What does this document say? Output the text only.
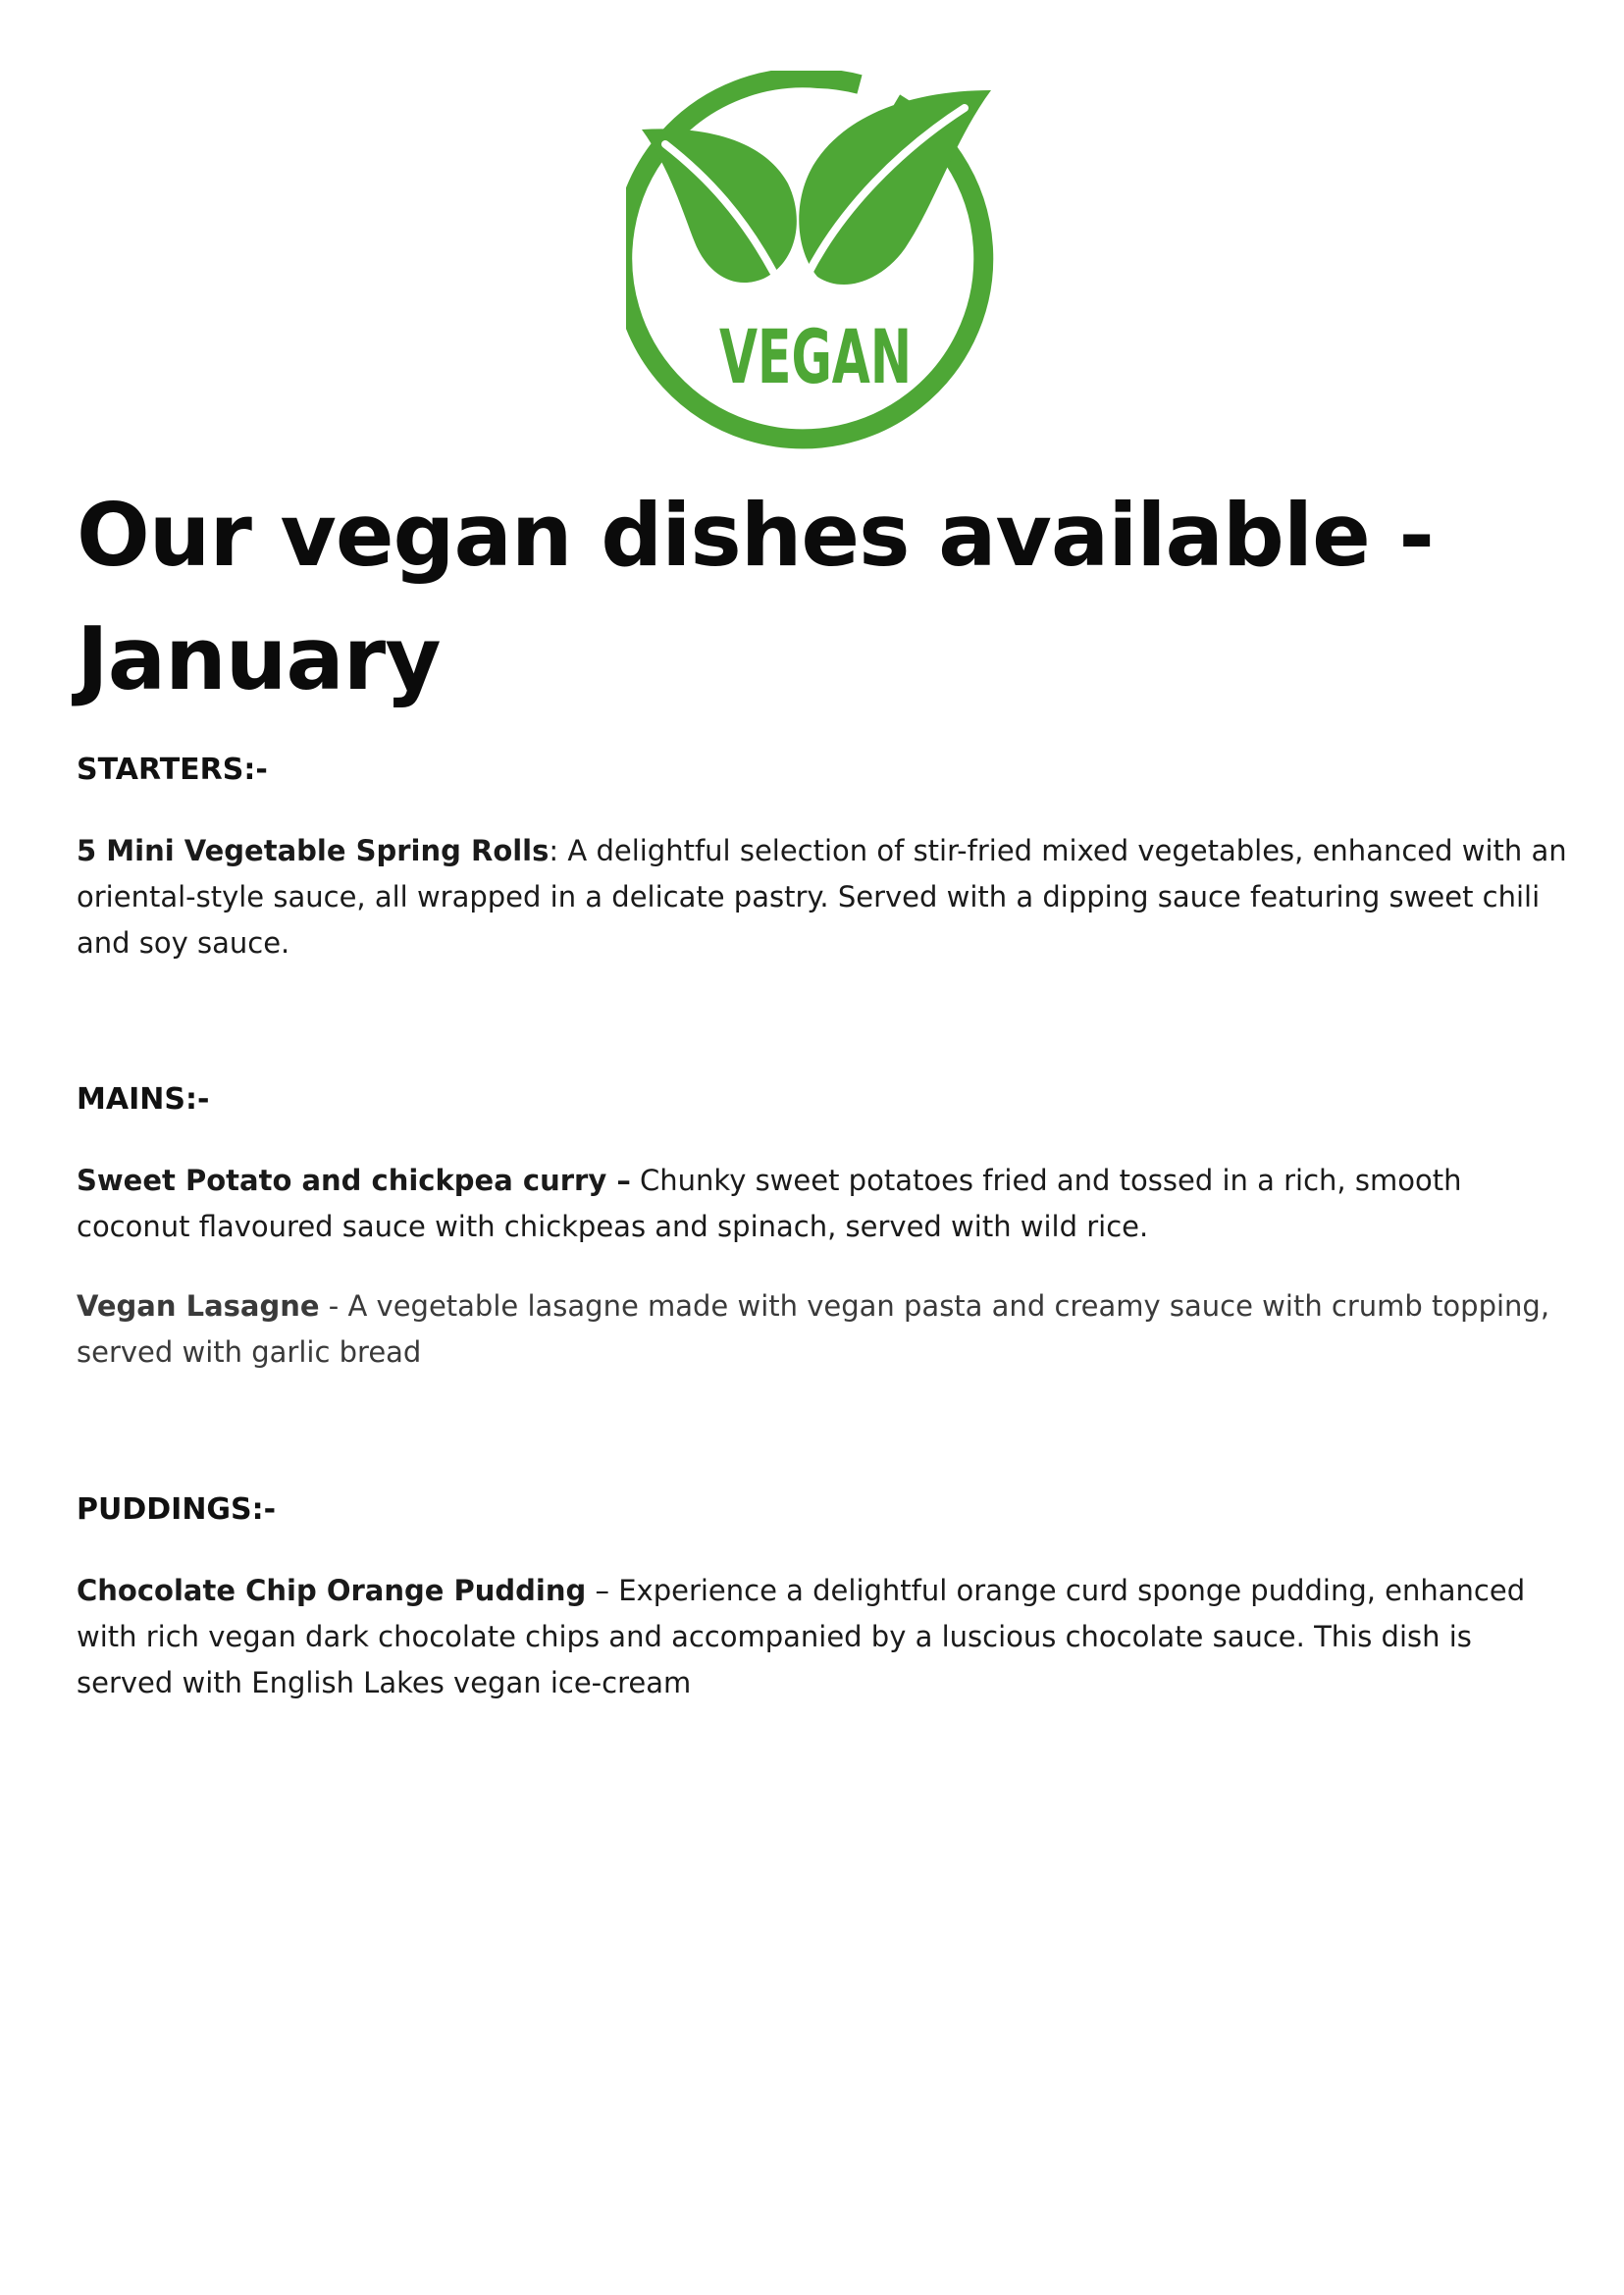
VEGAN
Our vegan dishes available - January
STARTERS:-

5 Mini Vegetable Spring Rolls: A delightful selection of stir-fried mixed vegetables, enhanced with an oriental-style sauce, all wrapped in a delicate pastry. Served with a dipping sauce featuring sweet chili and soy sauce.

MAINS:-

Sweet Potato and chickpea curry – Chunky sweet potatoes fried and tossed in a rich, smooth coconut flavoured sauce with chickpeas and spinach, served with wild rice.

Vegan Lasagne - A vegetable lasagne made with vegan pasta and creamy sauce with crumb topping, served with garlic bread

PUDDINGS:-

Chocolate Chip Orange Pudding – Experience a delightful orange curd sponge pudding, enhanced with rich vegan dark chocolate chips and accompanied by a luscious chocolate sauce. This dish is served with English Lakes vegan ice-cream
